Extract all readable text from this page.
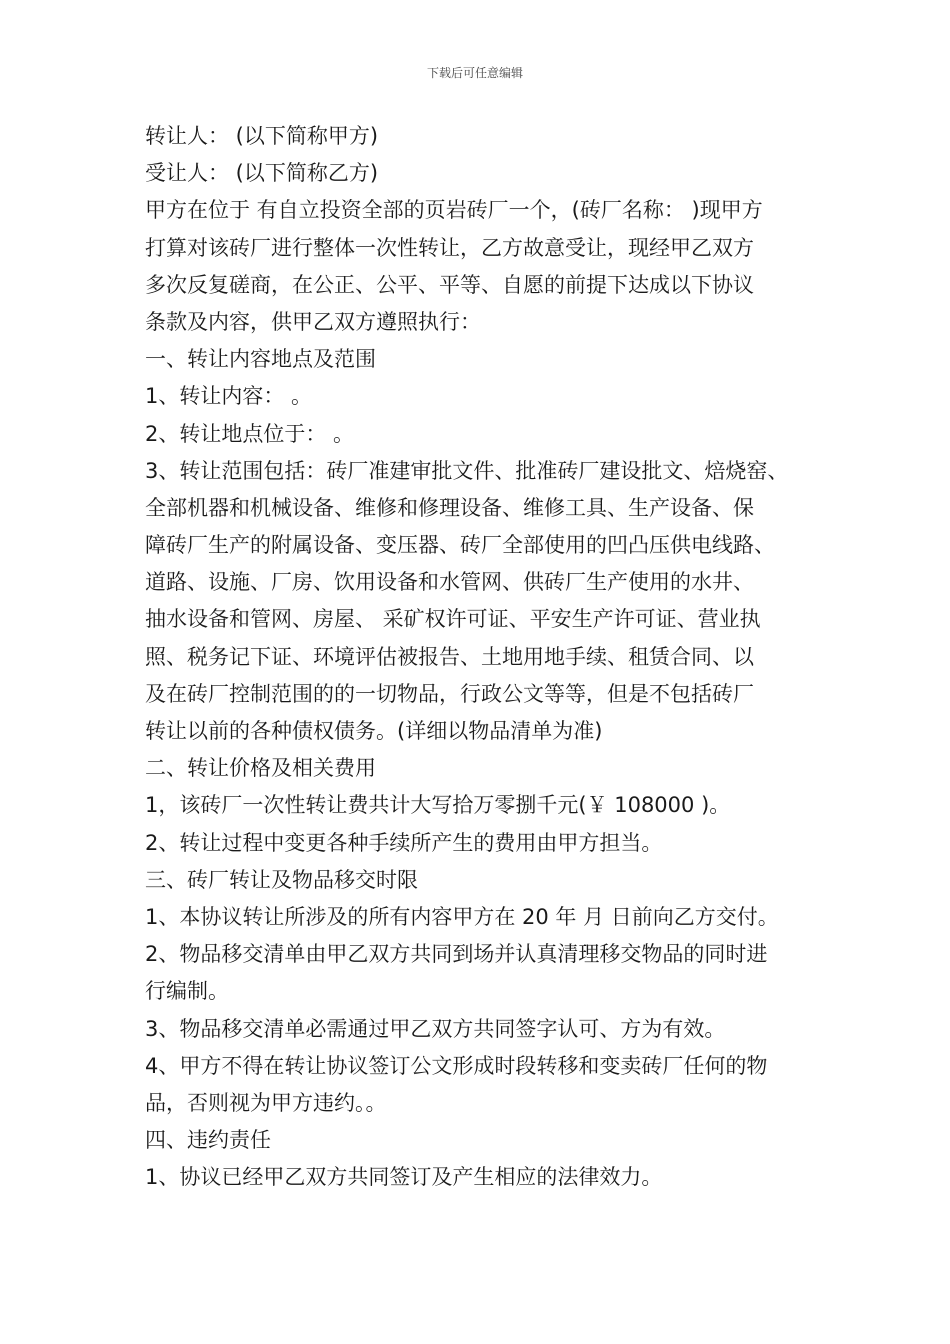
下载后可任意编辑
转让人： (以下简称甲方)
受让人： (以下简称乙方)
甲方在位于 有自立投资全部的页岩砖厂一个，(砖厂名称： )现甲方
打算对该砖厂进行整体一次性转让，乙方故意受让，现经甲乙双方
多次反复磋商，在公正、公平、平等、自愿的前提下达成以下协议
条款及内容，供甲乙双方遵照执行：
一、转让内容地点及范围
1、转让内容： 。
2、转让地点位于： 。
3、转让范围包括：砖厂准建审批文件、批准砖厂建设批文、焙烧窑、
全部机器和机械设备、维修和修理设备、维修工具、生产设备、保
障砖厂生产的附属设备、变压器、砖厂全部使用的凹凸压供电线路、
道路、设施、厂房、饮用设备和水管网、供砖厂生产使用的水井、
抽水设备和管网、房屋、 采矿权许可证、平安生产许可证、营业执
照、税务记下证、环境评估被报告、土地用地手续、租赁合同、以
及在砖厂控制范围的的一切物品，行政公文等等，但是不包括砖厂
转让以前的各种债权债务。(详细以物品清单为准)
二、转让价格及相关费用
1，该砖厂一次性转让费共计大写拾万零捌千元(￥ 108000 )。
2、转让过程中变更各种手续所产生的费用由甲方担当。
三、砖厂转让及物品移交时限
1、本协议转让所涉及的所有内容甲方在 20 年 月 日前向乙方交付。
2、物品移交清单由甲乙双方共同到场并认真清理移交物品的同时进
行编制。
3、物品移交清单必需通过甲乙双方共同签字认可、方为有效。
4、甲方不得在转让协议签订公文形成时段转移和变卖砖厂任何的物
品，否则视为甲方违约。。
四、违约责任
1、协议已经甲乙双方共同签订及产生相应的法律效力。
